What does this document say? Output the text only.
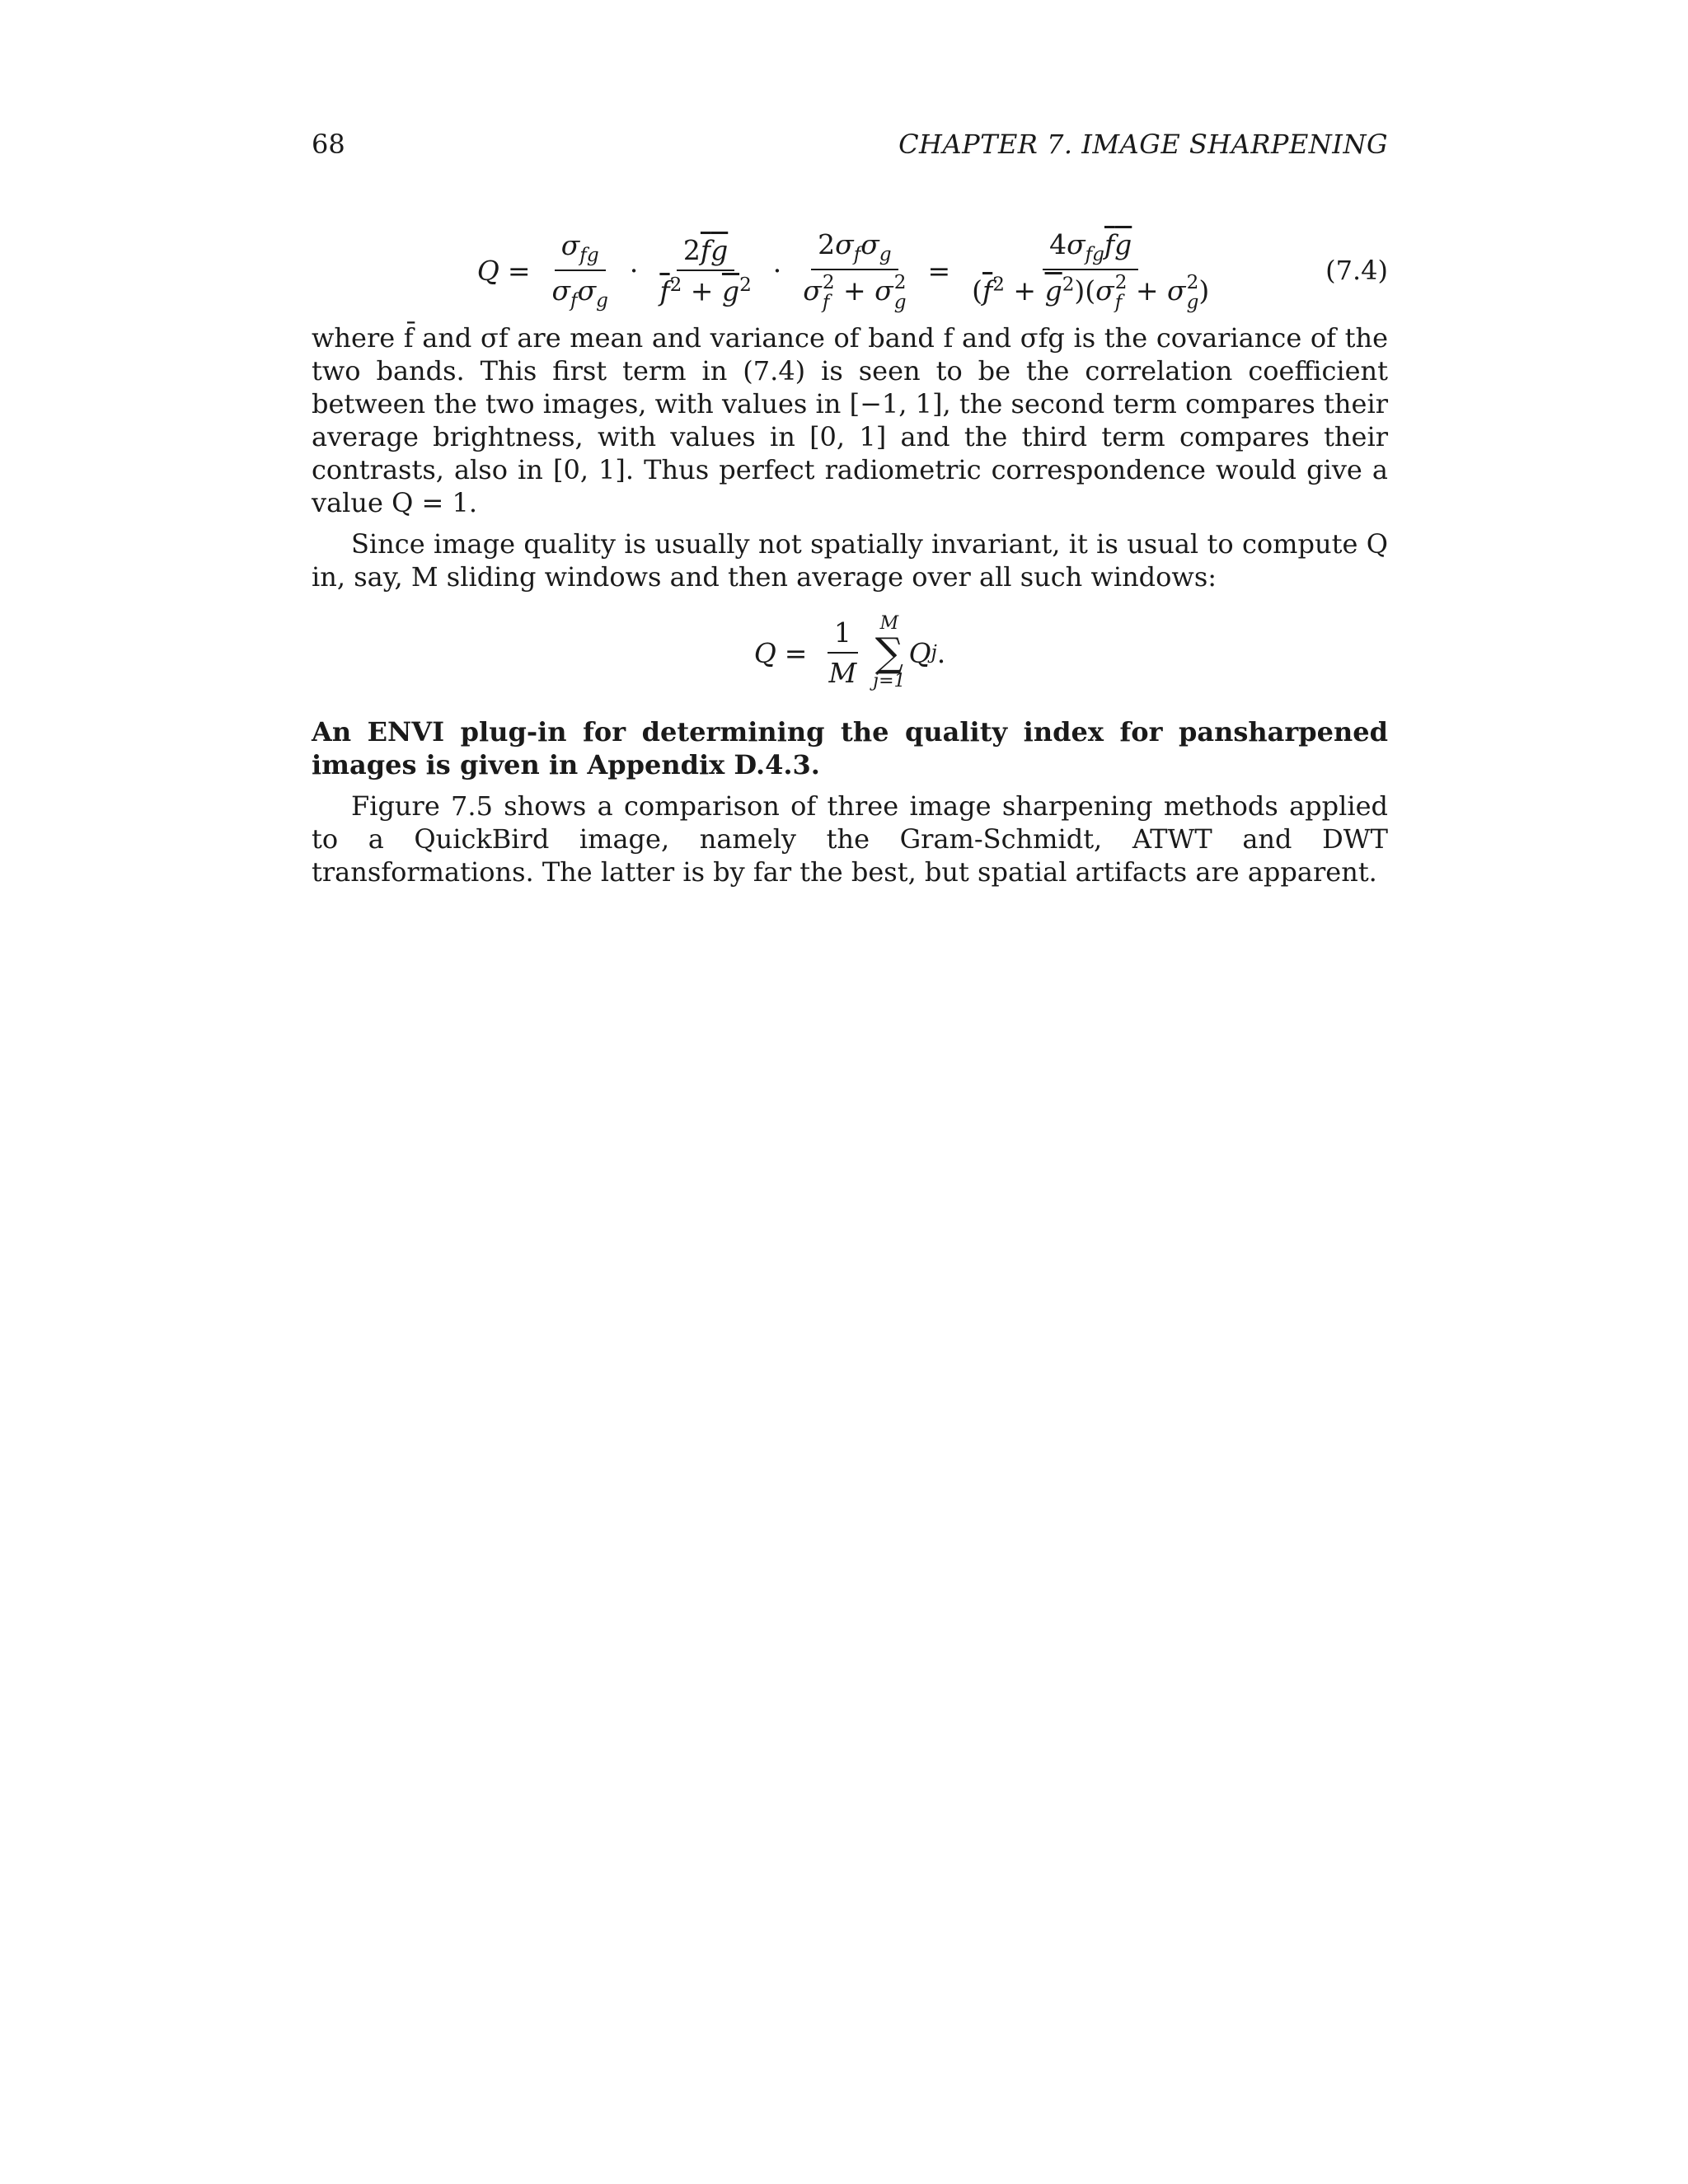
68	CHAPTER 7. IMAGE SHARPENING
$Q = \frac{\sigma_{fg}}{\sigma_f\sigma_g} \cdot \frac{2\overline{f}\overline{g}}{\overline{f}^2 + \overline{g}^2} \cdot 2\sigma_f\sigma_g$
σ 2
f + σ 2
$g = 4\sigma_{fg}\overline{f}\overline{g}$
$(\overline{f}^2 + \overline{g}^2)(\sigma$ 2
f + σ 2
g )	(7.4)

where f̄ and σf are mean and variance of band f and σfg is the covariance of the two bands. This first term in (7.4) is seen to be the correlation coefficient between the two images, with values in [−1, 1], the second term compares their average brightness, with values in [0, 1] and the third term compares their contrasts, also in [0, 1]. Thus perfect radiometric correspondence would give a value Q = 1.

Since image quality is usually not spatially invariant, it is usual to compute Q in, say, M sliding windows and then average over all such windows:

$Q = \frac{1}{M}$ M
∑
j=1
Q j .

An ENVI plug-in for determining the quality index for pansharpened images is given in Appendix D.4.3.

Figure 7.5 shows a comparison of three image sharpening methods applied to a QuickBird image, namely the Gram-Schmidt, ATWT and DWT transformations. The latter is by far the best, but spatial artifacts are apparent.
